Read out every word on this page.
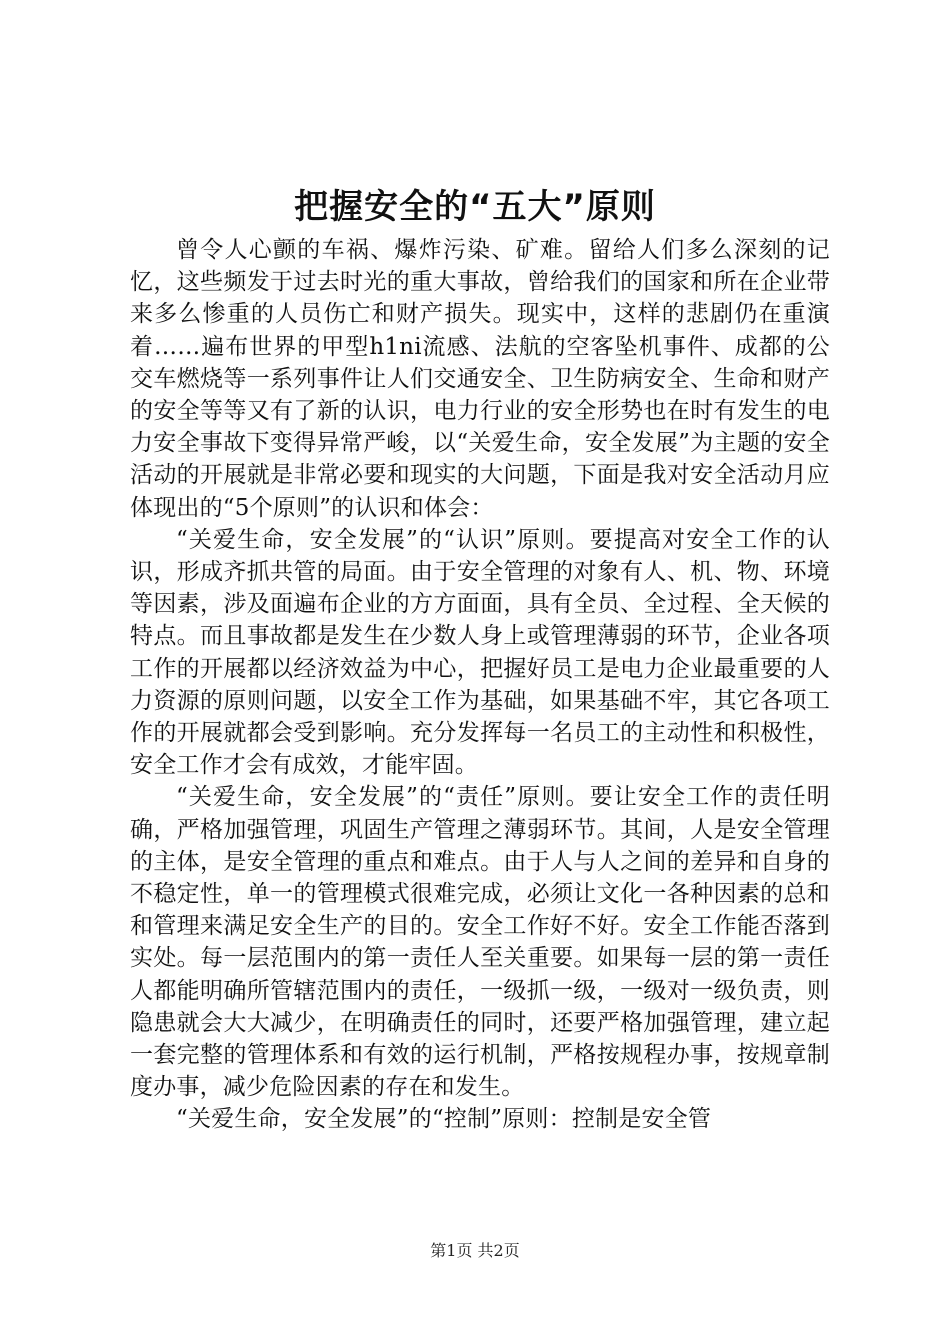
把握安全的“五大”原则

曾令人心颤的车祸、爆炸污染、矿难。留给人们多么深刻的记忆，这些频发于过去时光的重大事故，曾给我们的国家和所在企业带来多么惨重的人员伤亡和财产损失。现实中，这样的悲剧仍在重演着……遍布世界的甲型h1ni流感、法航的空客坠机事件、成都的公交车燃烧等一系列事件让人们交通安全、卫生防病安全、生命和财产的安全等等又有了新的认识，电力行业的安全形势也在时有发生的电力安全事故下变得异常严峻，以“关爱生命，安全发展”为主题的安全活动的开展就是非常必要和现实的大问题，下面是我对安全活动月应体现出的“5个原则”的认识和体会：

“关爱生命，安全发展”的“认识”原则。要提高对安全工作的认识，形成齐抓共管的局面。由于安全管理的对象有人、机、物、环境等因素，涉及面遍布企业的方方面面，具有全员、全过程、全天候的特点。而且事故都是发生在少数人身上或管理薄弱的环节，企业各项工作的开展都以经济效益为中心，把握好员工是电力企业最重要的人力资源的原则问题，以安全工作为基础，如果基础不牢，其它各项工作的开展就都会受到影响。充分发挥每一名员工的主动性和积极性，安全工作才会有成效，才能牢固。

“关爱生命，安全发展”的“责任”原则。要让安全工作的责任明确，严格加强管理，巩固生产管理之薄弱环节。其间，人是安全管理的主体，是安全管理的重点和难点。由于人与人之间的差异和自身的不稳定性，单一的管理模式很难完成，必须让文化一各种因素的总和和管理来满足安全生产的目的。安全工作好不好。安全工作能否落到实处。每一层范围内的第一责任人至关重要。如果每一层的第一责任人都能明确所管辖范围内的责任，一级抓一级，一级对一级负责，则隐患就会大大减少，在明确责任的同时，还要严格加强管理，建立起一套完整的管理体系和有效的运行机制，严格按规程办事，按规章制度办事，减少危险因素的存在和发生。

“关爱生命，安全发展”的“控制”原则：控制是安全管

第1页 共2页
